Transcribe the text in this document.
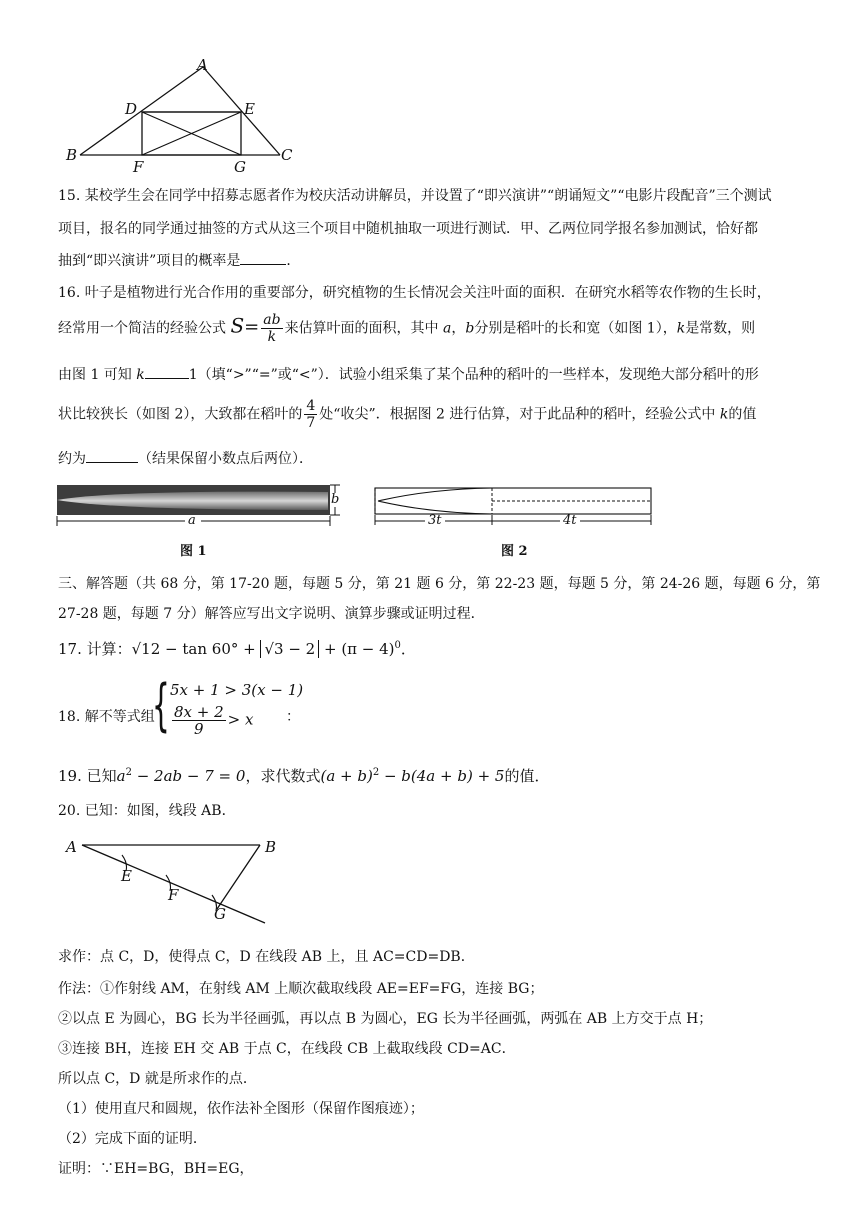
A
D	E
B
F	G
C
15. 某校学生会在同学中招募志愿者作为校庆活动讲解员，并设置了“即兴演讲”“朗诵短文”“电影片段配音”三个测试
项目，报名的同学通过抽签的方式从这三个项目中随机抽取一项进行测试．甲、乙两位同学报名参加测试，恰好都
抽到“即兴演讲”项目的概率是	．
16. 叶子是植物进行光合作用的重要部分，研究植物的生长情况会关注叶面的面积．在研究水稻等农作物的生长时，
经常用一个简洁的经验公式 $S= \frac{ab}{k}$ 来估算叶面的面积，其中 a，b分别是稻叶的长和宽（如图 1），k是常数，则
由图 1 可知 k	1（填“>”“=”或“<”）．试验小组采集了某个品种的稻叶的一些样本，发现绝大部分稻叶的形
状比较狭长（如图 2），大致都在稻叶的 $\frac{4}{7}$ 处“收尖”．根据图 2 进行估算，对于此品种的稻叶，经验公式中 k的值
约为	（结果保留小数点后两位）．
b
a
图 1
3t	4t
图 2
三、解答题（共 68 分，第 17-20 题，每题 5 分，第 21 题 6 分，第 22-23 题，每题 5 分，第 24-26 题，每题 6 分，第
27-28 题，每题 7 分）解答应写出文字说明、演算步骤或证明过程．
17. 计算：$√12 - \tan 60^\circ + √3 - 2 + (\pi - 4)^0$．
18. 解不等式组
{ 5x + 1 > 3(x − 1)
$\frac{8x + 2}{9} > x$ ：
19. 已知$a^2 - 2ab - 7 = 0$，求代数式$(a + b)^2 - b(4a + b) + 5$的值．
20. 已知：如图，线段 AB．
A	B
E
F
G
求作：点 C，D，使得点 C，D 在线段 AB 上，且 AC=CD=DB．
作法：①作射线 AM，在射线 AM 上顺次截取线段 AE=EF=FG，连接 BG；
②以点 E 为圆心，BG 长为半径画弧，再以点 B 为圆心，EG 长为半径画弧，两弧在 AB 上方交于点 H；
③连接 BH，连接 EH 交 AB 于点 C，在线段 CB 上截取线段 CD=AC．
所以点 C，D 就是所求作的点．
（1）使用直尺和圆规，依作法补全图形（保留作图痕迹）；
（2）完成下面的证明．
证明：∵EH=BG，BH=EG，
